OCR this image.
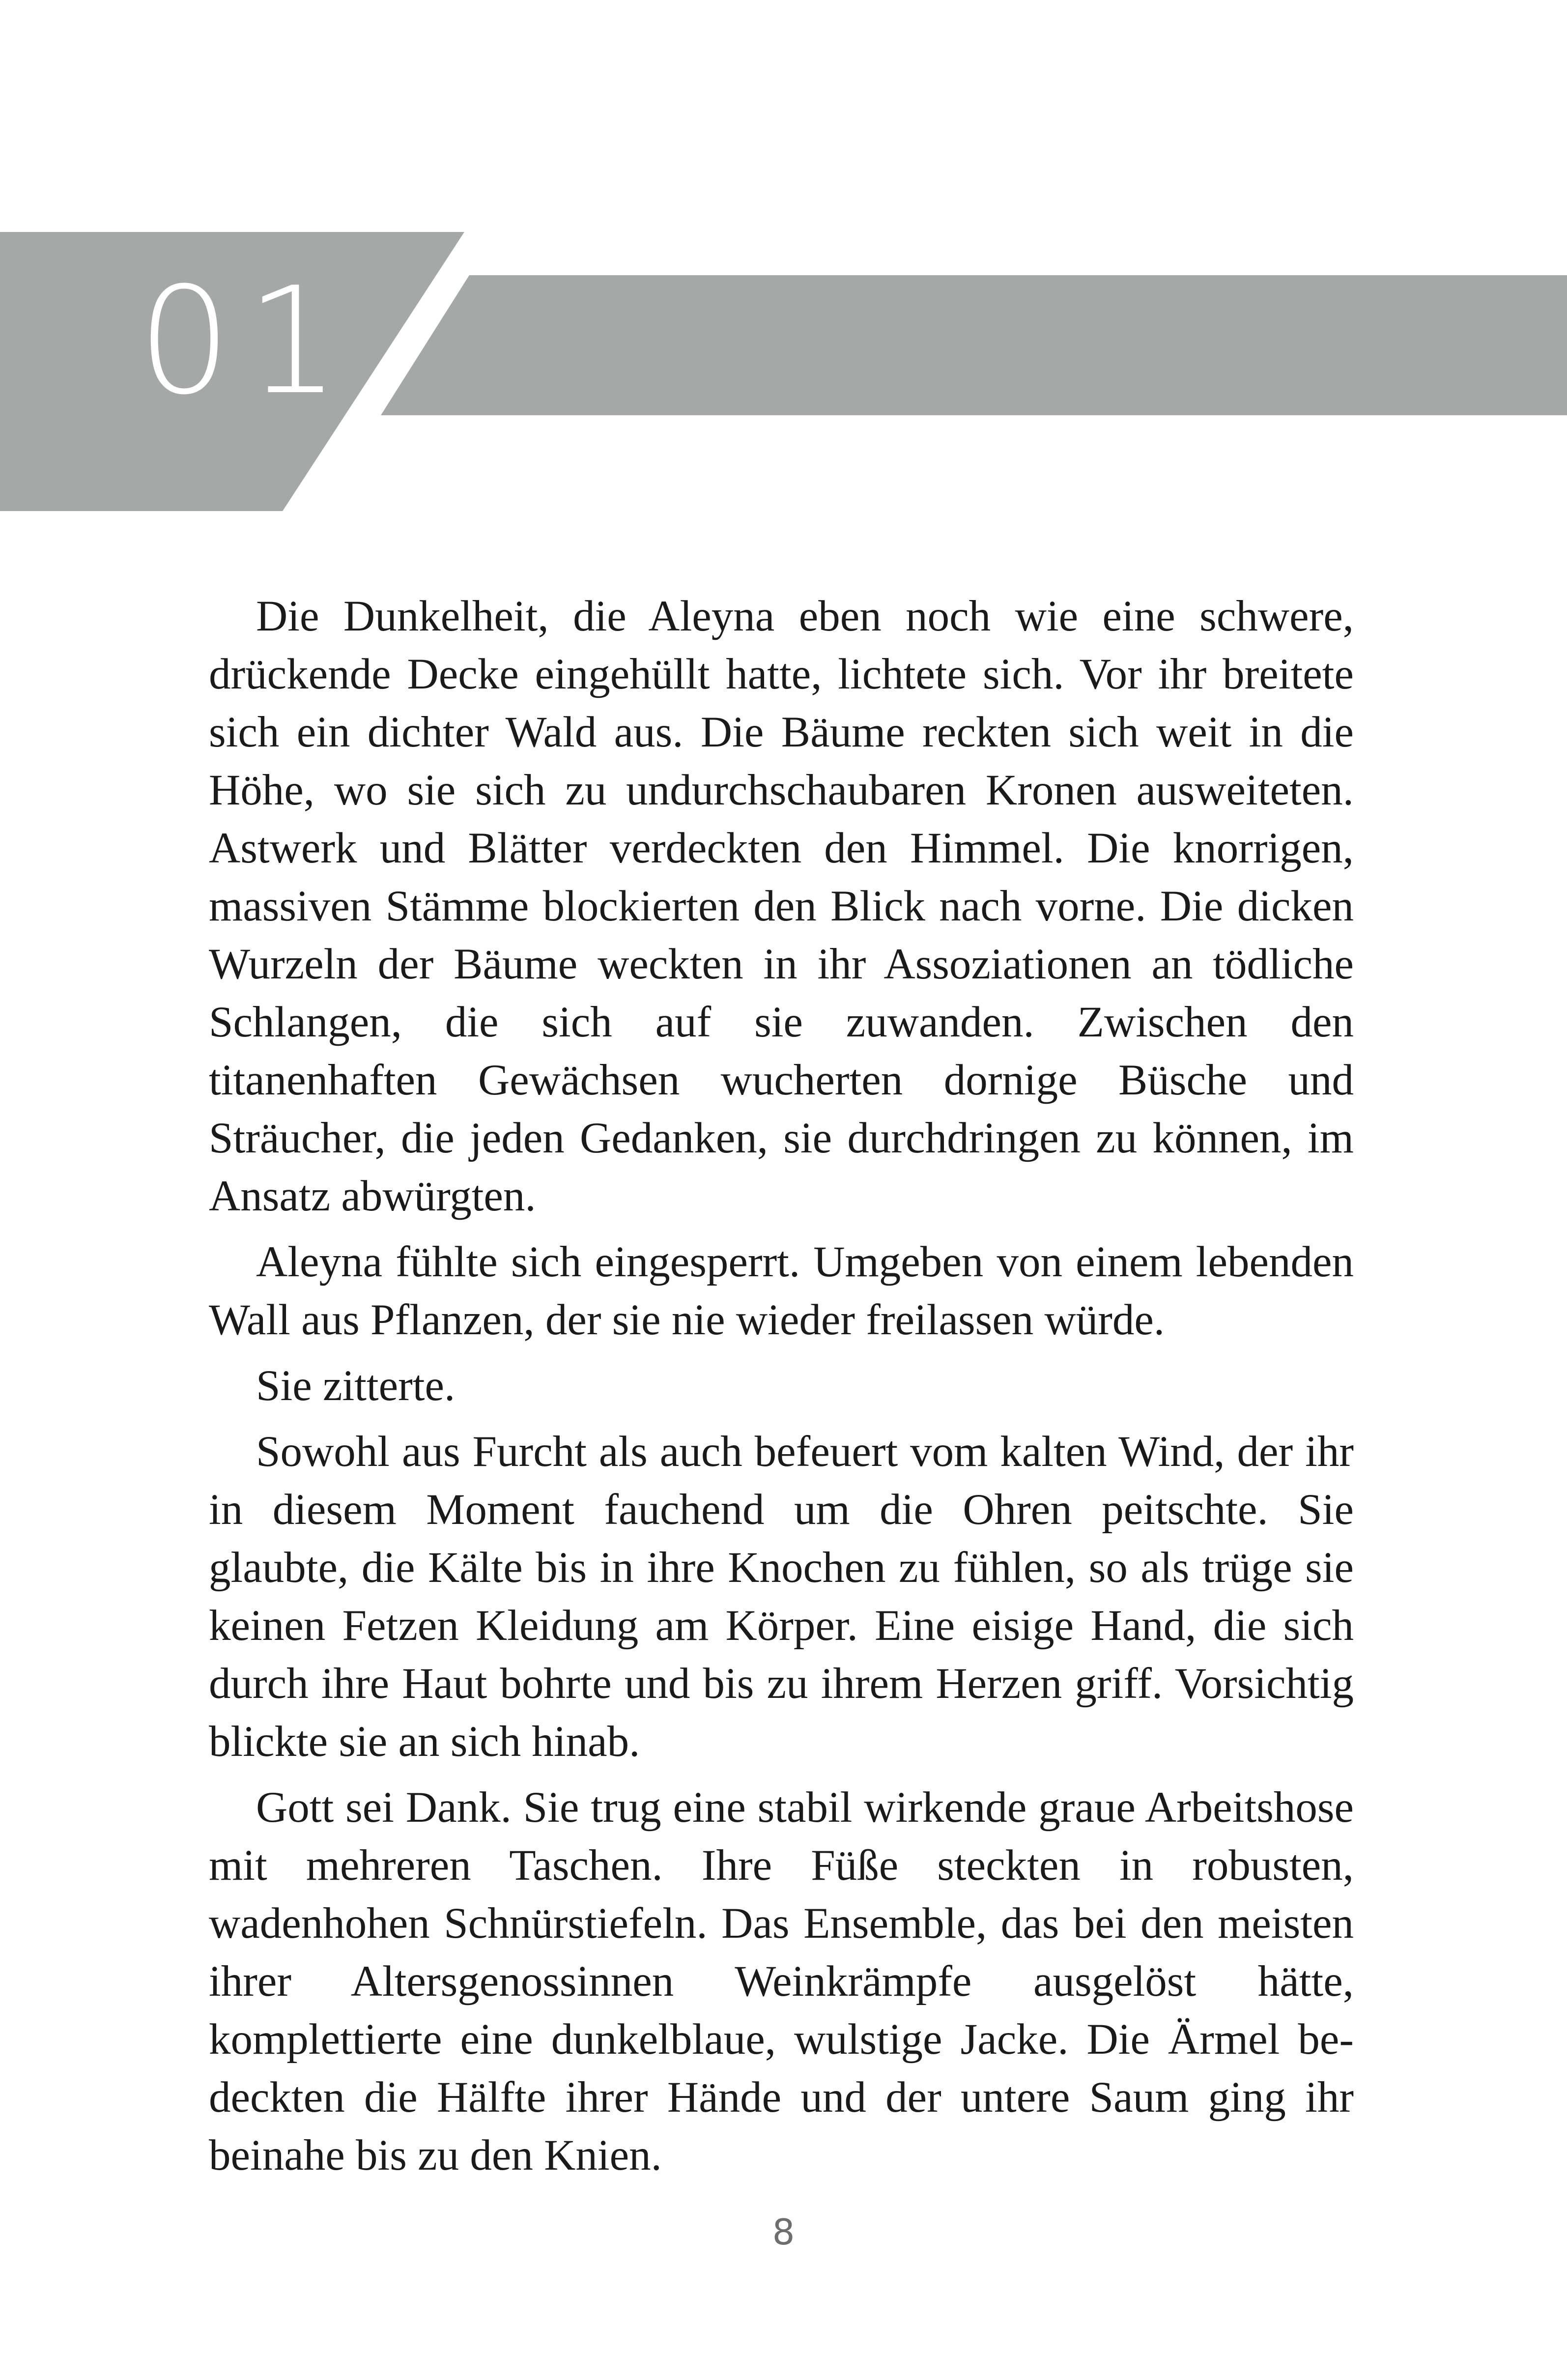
01

Die Dunkelheit, die Aleyna eben noch wie eine schwere, drückende Decke eingehüllt hatte, lichtete sich. Vor ihr breitete sich ein dichter Wald aus. Die Bäume reckten sich weit in die Höhe, wo sie sich zu undurchschaubaren Kronen ausweiteten. Astwerk und Blätter verdeckten den Himmel. Die knorrigen, massiven Stämme blockierten den Blick nach vorne. Die dicken Wurzeln der Bäume weckten in ihr Assoziationen an tödliche Schlangen, die sich auf sie zuwanden. Zwischen den titanenhaften Gewächsen wucherten dornige Büsche und Sträucher, die jeden Gedanken, sie durchdringen zu können, im Ansatz abwürgten.

Aleyna fühlte sich eingesperrt. Umgeben von einem lebenden Wall aus Pflanzen, der sie nie wieder freilassen würde.

Sie zitterte.

Sowohl aus Furcht als auch befeuert vom kalten Wind, der ihr in diesem Moment fauchend um die Ohren peitschte. Sie glaubte, die Kälte bis in ihre Knochen zu fühlen, so als trüge sie keinen Fetzen Kleidung am Körper. Eine eisige Hand, die sich durch ihre Haut bohrte und bis zu ihrem Herzen griff. Vorsichtig blickte sie an sich hinab.

Gott sei Dank. Sie trug eine stabil wirkende graue Arbeitshose mit mehreren Taschen. Ihre Füße steckten in robusten, wadenhohen Schnürstiefeln. Das Ensemble, das bei den meisten ihrer Altersgenossinnen Weinkrämpfe ausgelöst hätte, komplettierte eine dunkelblaue, wulstige Jacke. Die Ärmel bedeckten die Hälfte ihrer Hände und der untere Saum ging ihr beinahe bis zu den Knien.

8
